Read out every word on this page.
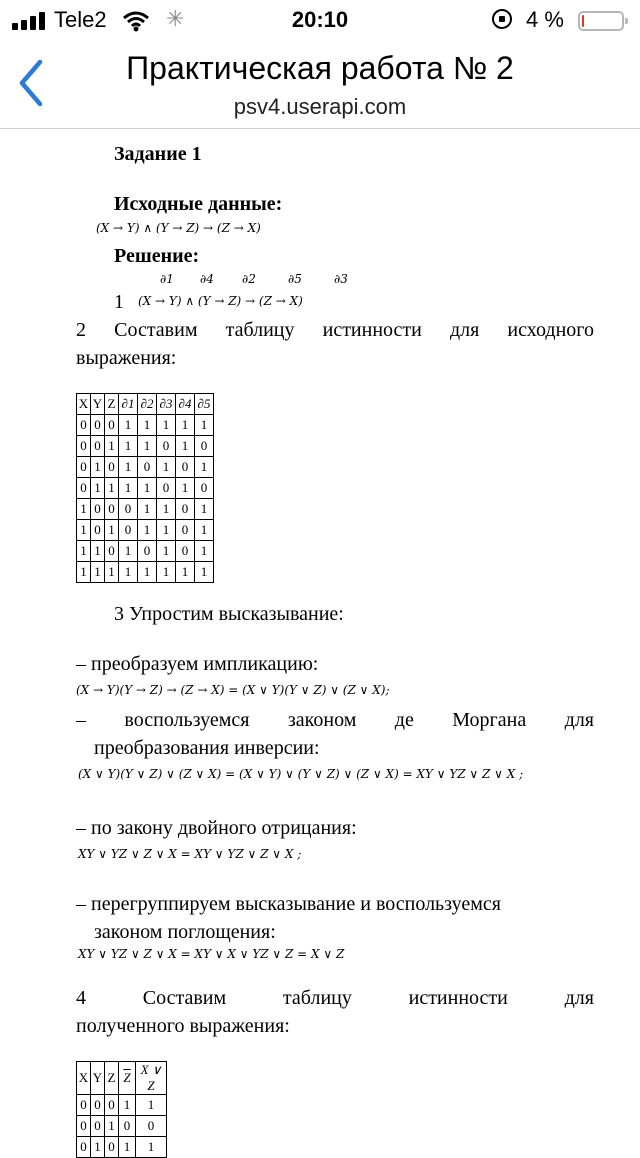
Tele2	✳	20:10	4 %
Практическая работа № 2
psv4.userapi.com
Задание 1
Исходные данные:
(X → Y) ∧ (Y → Z) → (Z → X)
Решение:
∂1 ∂4 ∂2	∂5	∂3
1 (X → Y) ∧ (Y → Z) → (Z → X)
2 Составим таблицу истинности для исходного
выражения:
X	Y	Z	∂1	∂2	∂3	∂4	∂5
0	0	0	1	1	1	1	1
0	0	1	1	1	0	1	0
0	1	0	1	0	1	0	1
0	1	1	1	1	0	1	0
1	0	0	0	1	1	0	1
1	0	1	0	1	1	0	1
1	1	0	1	0	1	0	1
1	1	1	1	1	1	1	1
3 Упростим высказывание:
– преобразуем импликацию:
(X → Y)(Y → Z) → (Z → X) = (X ∨ Y)(Y ∨ Z) ∨ (Z ∨ X);
– воспользуемся законом де Моргана для
преобразования инверсии:
(X ∨ Y)(Y ∨ Z) ∨ (Z ∨ X) = (X ∨ Y) ∨ (Y ∨ Z) ∨ (Z ∨ X) = XY ∨ YZ ∨ Z ∨ X ;
– по закону двойного отрицания:
XY ∨ YZ ∨ Z ∨ X = XY ∨ YZ ∨ Z ∨ X ;
– перегруппируем высказывание и воспользуемся
законом поглощения:
XY ∨ YZ ∨ Z ∨ X = XY ∨ X ∨ YZ ∨ Z = X ∨ Z
4 Составим таблицу истинности для
полученного выражения:
X	Y	Z	$\overline{Z}$	X ∨ Z
0	0	0	1	1
0	0	1	0	0
0	1	0	1	1
